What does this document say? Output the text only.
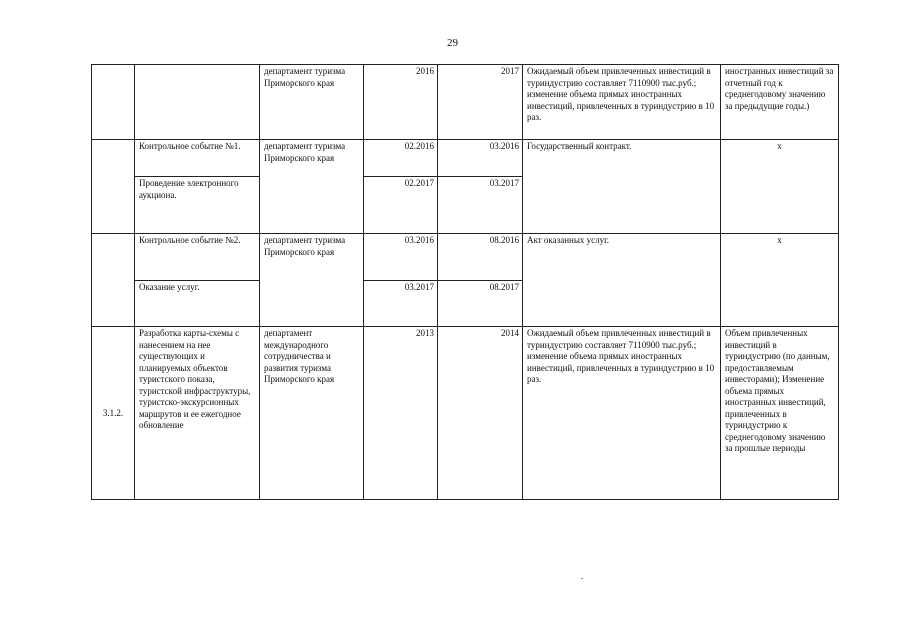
29
		департамент туризма Приморского края	2016	2017	Ожидаемый объем привлеченных инвестиций в туриндустрию составляет 7110900 тыс.руб.; изменение объема прямых иностранных инвестиций, привлеченных в туриндустрию в 10 раз.	иностранных инвестиций за отчетный год к среднегодовому значению за предыдущие годы.)
	Контрольное событие №1.	департамент туризма Приморского края	02.2016	03.2016	Государственный контракт.	х
	Проведение электронного аукциона.		02.2017	03.2017		
	Контрольное событие №2.	департамент туризма Приморского края	03.2016	08.2016	Акт оказанных услуг.	х
	Оказание услуг.		03.2017	08.2017		
3.1.2.	Разработка карты-схемы с нанесением на нее существующих и планируемых объектов туристского показа, туристской инфраструктуры, туристско-экскурсионных маршрутов и ее ежегодное обновление	департамент международного сотрудничества и развития туризма Приморского края	2013	2014	Ожидаемый объем привлеченных инвестиций в туриндустрию составляет 7110900 тыс.руб.; изменение объема прямых иностранных инвестиций, привлеченных в туриндустрию в 10 раз.	Объем привлеченных инвестиций в туриндустрию (по данным, предоставляемым инвесторами); Изменение объема прямых иностранных инвестиций, привлеченных в туриндустрию к среднегодовому значению за прошлые периоды
